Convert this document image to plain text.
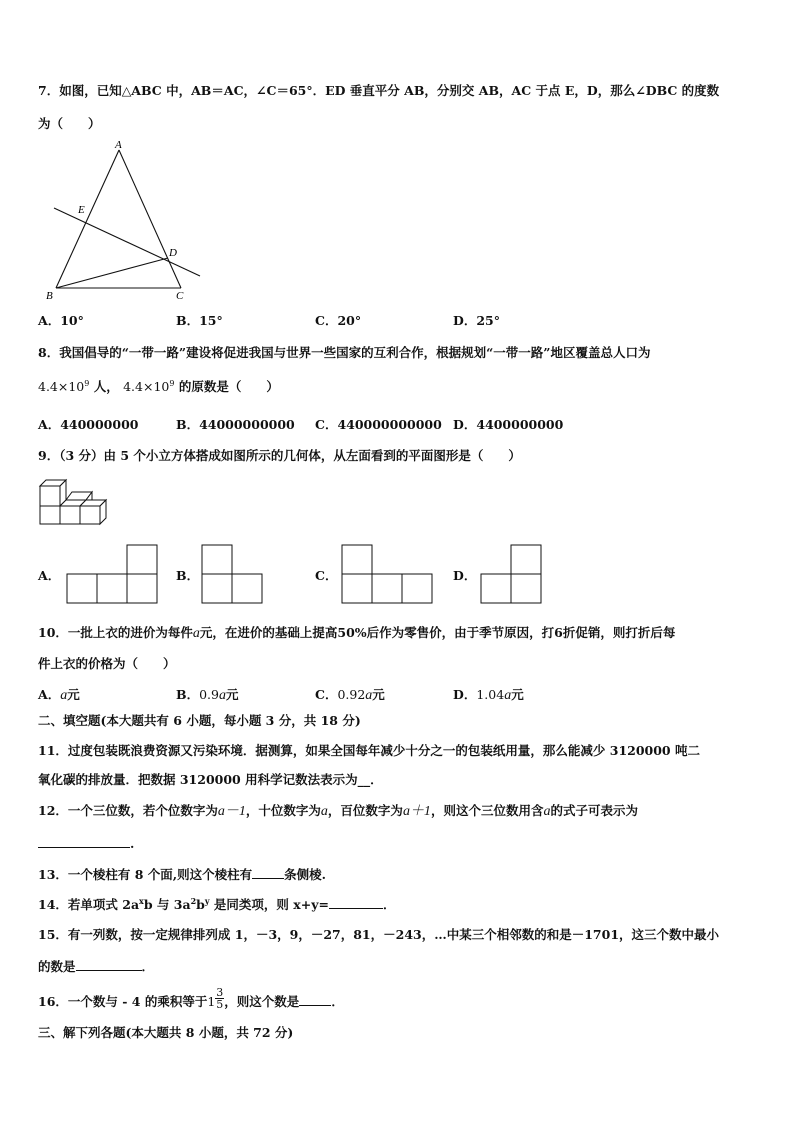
7．如图，已知△ABC 中，AB＝AC，∠C＝65°．ED 垂直平分 AB，分别交 AB，AC 于点 E，D，那么∠DBC 的度数
为（　　）
A
E
D
B	C
A．10°	B．15°	C．20°	D．25°
8．我国倡导的“一带一路”建设将促进我国与世界一些国家的互利合作，根据规划“一带一路”地区覆盖总人口为
$4.4\times 10^9$ 人， $4.4\times 10^9$ 的原数是（　　）
A．440000000	B．44000000000 C．440000000000 D．4400000000
9．（3 分）由 5 个小立方体搭成如图所示的几何体，从左面看到的平面图形是（　　）
A．	B．	C．	D．
10．一批上衣的进价为每件a元，在进价的基础上提高50%后作为零售价，由于季节原因，打6折促销，则打折后每
件上衣的价格为（　　）
A．a元	B．0.9a元	C．0.92a元	D．1.04a元
二、填空题(本大题共有 6 小题，每小题 3 分，共 18 分)
11．过度包装既浪费资源又污染环境．据测算，如果全国每年减少十分之一的包装纸用量，那么能减少 3120000 吨二
氧化碳的排放量．把数据 3120000 用科学记数法表示为__．
12．一个三位数，若个位数字为a－1，十位数字为a，百位数字为a＋1，则这个三位数用含a的式子可表示为
.
13．一个棱柱有 8 个面,则这个棱柱有	条侧棱.
14．若单项式 $2a^xb$ 与 $3a^2b^y$ 是同类项，则 x+y=	．
15．有一列数，按一定规律排列成 1，－3，9，－27，81，－243，…中某三个相邻数的和是－1701，这三个数中最小
的数是	．
16．一个数与 - 4 的乘积等于$1 \frac{3}{5}$ ，则这个数是	．
三、解下列各题(本大题共 8 小题，共 72 分)
